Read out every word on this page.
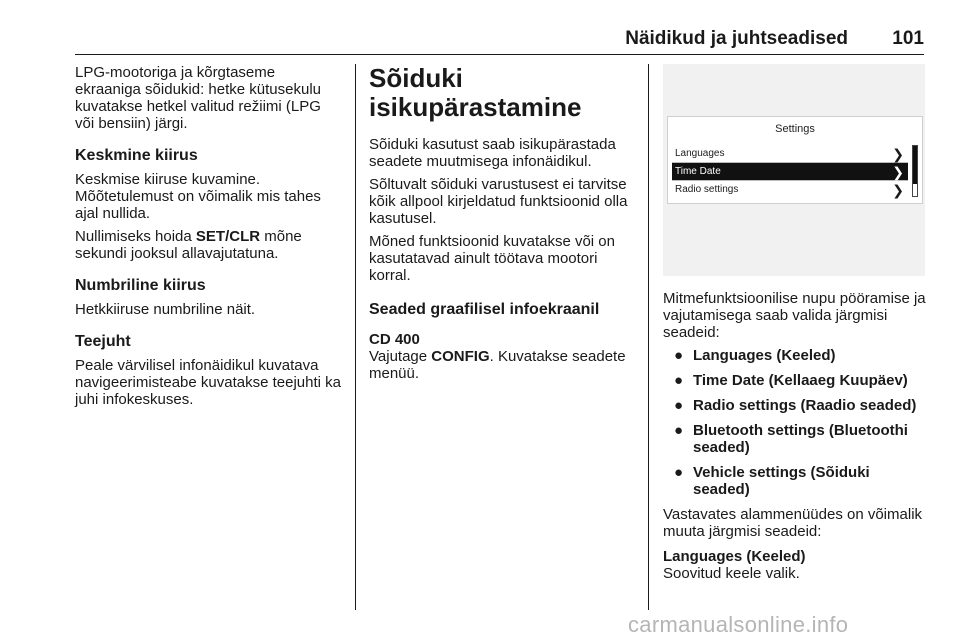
Näidikud ja juhtseadised 101

LPG-mootoriga ja kõrgtaseme ekraaniga sõidukid: hetke kütusekulu kuvatakse hetkel valitud režiimi (LPG või bensiin) järgi.

Keskmine kiirus

Keskmise kiiruse kuvamine.

Mõõtetulemust on võimalik mis tahes ajal nullida.

Nullimiseks hoida SET/CLR mõne sekundi jooksul allavajutatuna.

Numbriline kiirus

Hetkkiiruse numbriline näit.

Teejuht

Peale värvilisel infonäidikul kuvatava navigeerimisteabe kuvatakse teejuhti ka juhi infokeskuses.

Sõiduki isikupärastamine

Sõiduki kasutust saab isikupärastada seadete muutmisega infonäidikul.

Sõltuvalt sõiduki varustusest ei tarvitse kõik allpool kirjeldatud funktsioonid olla kasutusel.

Mõned funktsioonid kuvatakse või on kasutatavad ainult töötava mootori korral.

Seaded graafilisel infoekraanil
CD 400

Vajutage CONFIG. Kuvatakse seadete menüü.

Settings
Languages	❯
Time Date	❯
Radio settings	❯

Mitmefunktsioonilise nupu pööramise ja vajutamisega saab valida järgmisi seadeid:

● Languages (Keeled)
● Time Date (Kellaaeg Kuupäev)
● Radio settings (Raadio seaded)
● Bluetooth settings (Bluetoothi seaded)
● Vehicle settings (Sõiduki seaded)

Vastavates alammenüüdes on võimalik muuta järgmisi seadeid:

Languages (Keeled)

Soovitud keele valik.

carmanualsonline.info
